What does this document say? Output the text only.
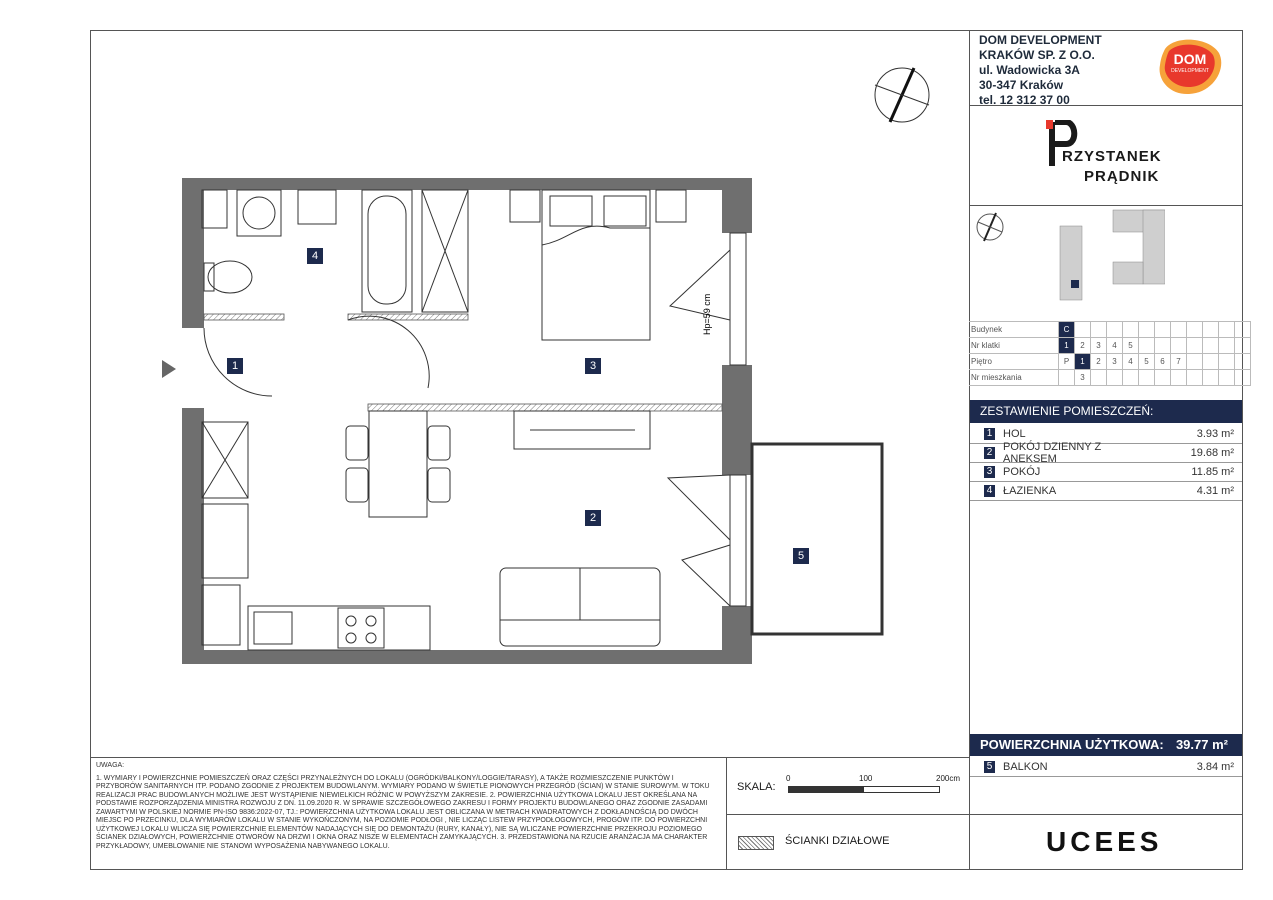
DOM DEVELOPMENT
KRAKÓW SP. Z O.O.
ul. Wadowicka 3A
30-347 Kraków
tel. 12 312 37 00
DOM
DEVELOPMENT
RZYSTANEK
PRĄDNIK
Budynek	C											
Nr klatki	1	2	3	4	5							
Piętro	P	1	2	3	4	5	6	7				
Nr mieszkania		3										
ZESTAWIENIE POMIESZCZEŃ:
1 HOL	3.93 m²
2 POKÓJ DZIENNY Z ANEKSEM	19.68 m²
3 POKÓJ	11.85 m²
4 ŁAZIENKA	4.31 m²
POWIERZCHNIA UŻYTKOWA: 39.77 m²
5 BALKON	3.84 m²
Hp=59 cm
1
2
3
4
5
UWAGA:
1. WYMIARY I POWIERZCHNIE POMIESZCZEŃ ORAZ CZĘŚCI PRZYNALEŻNYCH DO LOKALU (OGRÓDKI/BALKONY/LOGGIE/TARASY), A TAKŻE ROZMIESZCZENIE PUNKTÓW I PRZYBORÓW SANITARNYCH ITP. PODANO ZGODNIE Z PROJEKTEM BUDOWLANYM. WYMIARY PODANO W ŚWIETLE PIONOWYCH PRZEGRÓD (ŚCIAN) W STANIE SUROWYM. W TOKU REALIZACJI PRAC BUDOWLANYCH MOŻLIWE JEST WYSTĄPIENIE NIEWIELKICH RÓŻNIC W POWYŻSZYM ZAKRESIE. 2. POWIERZCHNIA UŻYTKOWA LOKALU JEST OKREŚLANA NA PODSTAWIE ROZPORZĄDZENIA MINISTRA ROZWOJU Z DN. 11.09.2020 R. W SPRAWIE SZCZEGÓŁOWEGO ZAKRESU I FORMY PROJEKTU BUDOWLANEGO ORAZ ZGODNIE ZASADAMI ZAWARTYMI W POLSKIEJ NORMIE PN-ISO 9836:2022-07, TJ.: POWIERZCHNIA UŻYTKOWA LOKALU JEST OBLICZANA W METRACH KWADRATOWYCH Z DOKŁADNOŚCIĄ DO DWÓCH MIEJSC PO PRZECINKU, DLA WYMIARÓW LOKALU W STANIE WYKOŃCZONYM, NA POZIOMIE PODŁOGI , NIE LICZĄC LISTEW PRZYPODŁOGOWYCH, PROGÓW ITP. DO POWIERZCHNI UŻYTKOWEJ LOKALU WLICZA SIĘ POWIERZCHNIE ELEMENTÓW NADAJĄCYCH SIĘ DO DEMONTAŻU (RURY, KANAŁY), NIE SĄ WLICZANE POWIERZCHNIE PRZEKROJU POZIOMEGO ŚCIANEK DZIAŁOWYCH, POWIERZCHNIE OTWORÓW NA DRZWI I OKNA ORAZ NISZE W ELEMENTACH ZAMYKAJĄCYCH. 3. PRZEDSTAWIONA NA RZUCIE ARANŻACJA MA CHARAKTER PRZYKŁADOWY, UMEBLOWANIE NIE STANOWI WYPOSAŻENIA NABYWANEGO LOKALU.
SKALA:
0	100	200cm
ŚCIANKI DZIAŁOWE	UCEES
